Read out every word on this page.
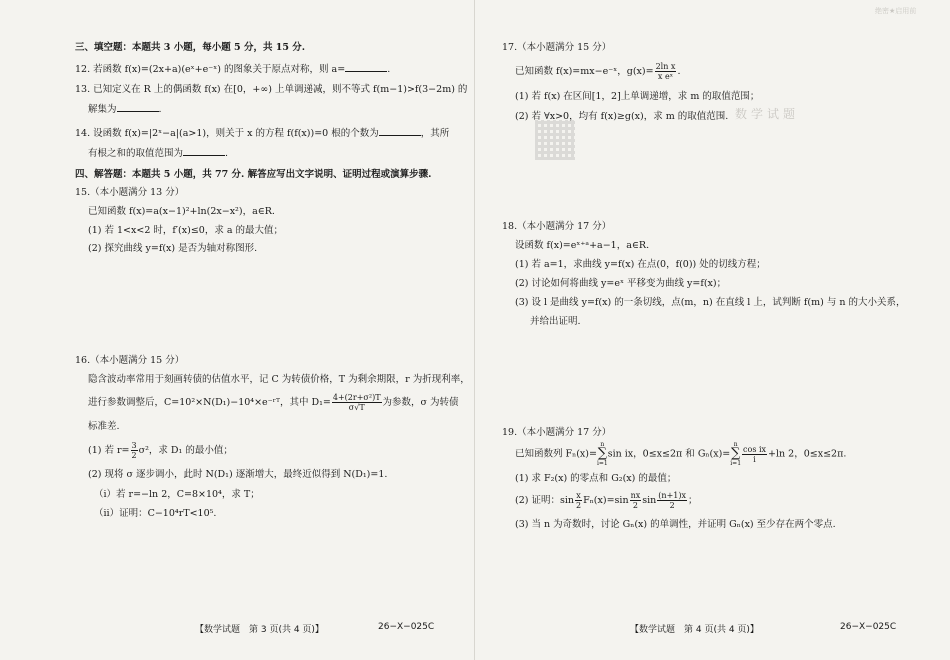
三、填空题：本题共 3 小题，每小题 5 分，共 15 分.
12. 若函数 f(x)=(2x+a)(eˣ+e⁻ˣ) 的图象关于原点对称，则 a=	.
13. 已知定义在 R 上的偶函数 f(x) 在[0，+∞) 上单调递减，则不等式 f(m−1)>f(3−2m) 的
解集为	.
14. 设函数 f(x)=|2ˣ−a|(a>1)，则关于 x 的方程 f(f(x))=0 根的个数为	，其所
有根之和的取值范围为	.
四、解答题：本题共 5 小题，共 77 分. 解答应写出文字说明、证明过程或演算步骤.
15.（本小题满分 13 分）
已知函数 f(x)=a(x−1)²+ln(2x−x²)，a∈R.
(1) 若 1<x<2 时，f′(x)≤0，求 a 的最大值；
(2) 探究曲线 y=f(x) 是否为轴对称图形.
16.（本小题满分 15 分）
隐含波动率常用于刻画转债的估值水平，记 C 为转债价格，T 为剩余期限，r 为折现利率，
进行参数调整后，C=10²×N(D₁)−10⁴×e⁻ʳᵀ，其中 $D_1= \frac{\text{4+(2r+σ²)T}}{\sigma√T}$ 为参数，σ 为转债
标准差.
(1) 若 $r= \frac{3}{2} \sigma^2$，求 D₁ 的最小值；
(2) 现将 σ 逐步调小，此时 N(D₁) 逐渐增大，最终近似得到 N(D₁)=1.
（ⅰ）若 r=−ln 2，C=8×10⁴，求 T；
（ⅱ）证明：C−10⁴rT<10⁵.
【数学试题　第 3 页(共 4 页)】	26−X−025C
绝密★启用前
数学试题
17.（本小题满分 15 分）
已知函数 f(x)=mx−e⁻ˣ，$g(x)= \frac{\text{2ln x}}{\text{x eˣ}}$ .
(1) 若 f(x) 在区间[1，2]上单调递增，求 m 的取值范围；
(2) 若 ∀x>0，均有 f(x)≥g(x)，求 m 的取值范围.
18.（本小题满分 17 分）
设函数 f(x)=eˣ⁺ᵃ+a−1，a∈R.
(1) 若 a=1，求曲线 y=f(x) 在点(0，f(0)) 处的切线方程；
(2) 讨论如何将曲线 y=eˣ 平移变为曲线 y=f(x)；
(3) 设 l 是曲线 y=f(x) 的一条切线，点(m，n) 在直线 l 上，试判断 f(m) 与 n 的大小关系，
并给出证明.
19.（本小题满分 17 分）
已知函数列 Fₙ(x)=n
∑
i=1sin ix，0≤x≤2π 和 Gₙ(x)=n
∑
$i=1 \frac{\text{cos ix}}{i} +\ln$ 2，0≤x≤2π.
(1) 求 F₂(x) 的零点和 G₂(x) 的最值；
(2) 证明：$\sin \frac{x}{2} F_n(x)=\sin \frac{nx}{2}$ $\sin \frac{(n+1)x}{2}$ ；
(3) 当 n 为奇数时，讨论 Gₙ(x) 的单调性，并证明 Gₙ(x) 至少存在两个零点.
【数学试题　第 4 页(共 4 页)】	26−X−025C
